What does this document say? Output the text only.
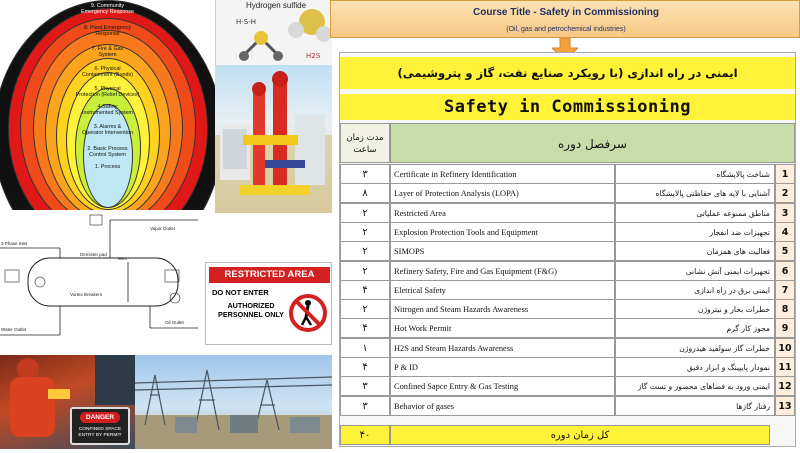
9. Community
Emergency Response
8. Plant Emergency
Response
7. Fire & Gas
System
6. Physical
Containment (Bunds)
5. Physical
Protection (Relief Devices)
4.Safety
Instrumented System
3. Alarms &
Operator Intervention
2. Basic Process
Control System
1. Process
Hydrogen sulfide
H-S-H
H2S
3 Phase Inlet
Vapor Outlet
Demister pad
Vortex Breakers
Weir
Oil Outlet
Water Outlet
RESTRICTED AREA
DO NOT ENTER
AUTHORIZED PERSONNEL ONLY
DANGER
CONFINED SPACE
ENTRY BY PERMIT
Course Title - Safety in Commissioning
(Oil, gas and petrochemical industries)
ایمنی در راه اندازی (با رویکرد صنایع نفت، گاز و پتروشیمی)
Safety in Commissioning
مدت زمان ساعت	سرفصل دوره
۳	Certificate in Refinery Identification	شناخت پالایشگاه	1
۸	Layer of Protection Analysis (LOPA)	آشنایی با لایه های حفاظتی پالایشگاه	2
۲	Restricted Area	مناطق ممنوعه عملیاتی	3
۲	Explosion Protection Tools and Equipment	تجهیزات ضد انفجار	4
۲	SIMOPS	فعالیت های همزمان	5
۲	Refinery Safety, Fire and Gas Equipment (F&G)	تجهیزات ایمنی آتش نشانی	6
۴	Eletrical Safety	ایمنی برق در راه اندازی	7
۲	Nitrogen and Steam Hazards Awareness	خطرات بخار و نیتروژن	8
۴	Hot Work Permit	مجوز کار گرم	9
۱	H2S and Steam Hazards Awareness	خطرات گاز سولفید هیدروژن 10
۴	P & ID	نمودار پایپینگ و ابزار دقیق 11
۳	Confined Sapce Entry & Gas Testing	ایمنی ورود به فضاهای محصور و تست گاز 12
۳	Behavior of gases	رفتار گازها 13
۴۰	کل زمان دوره
